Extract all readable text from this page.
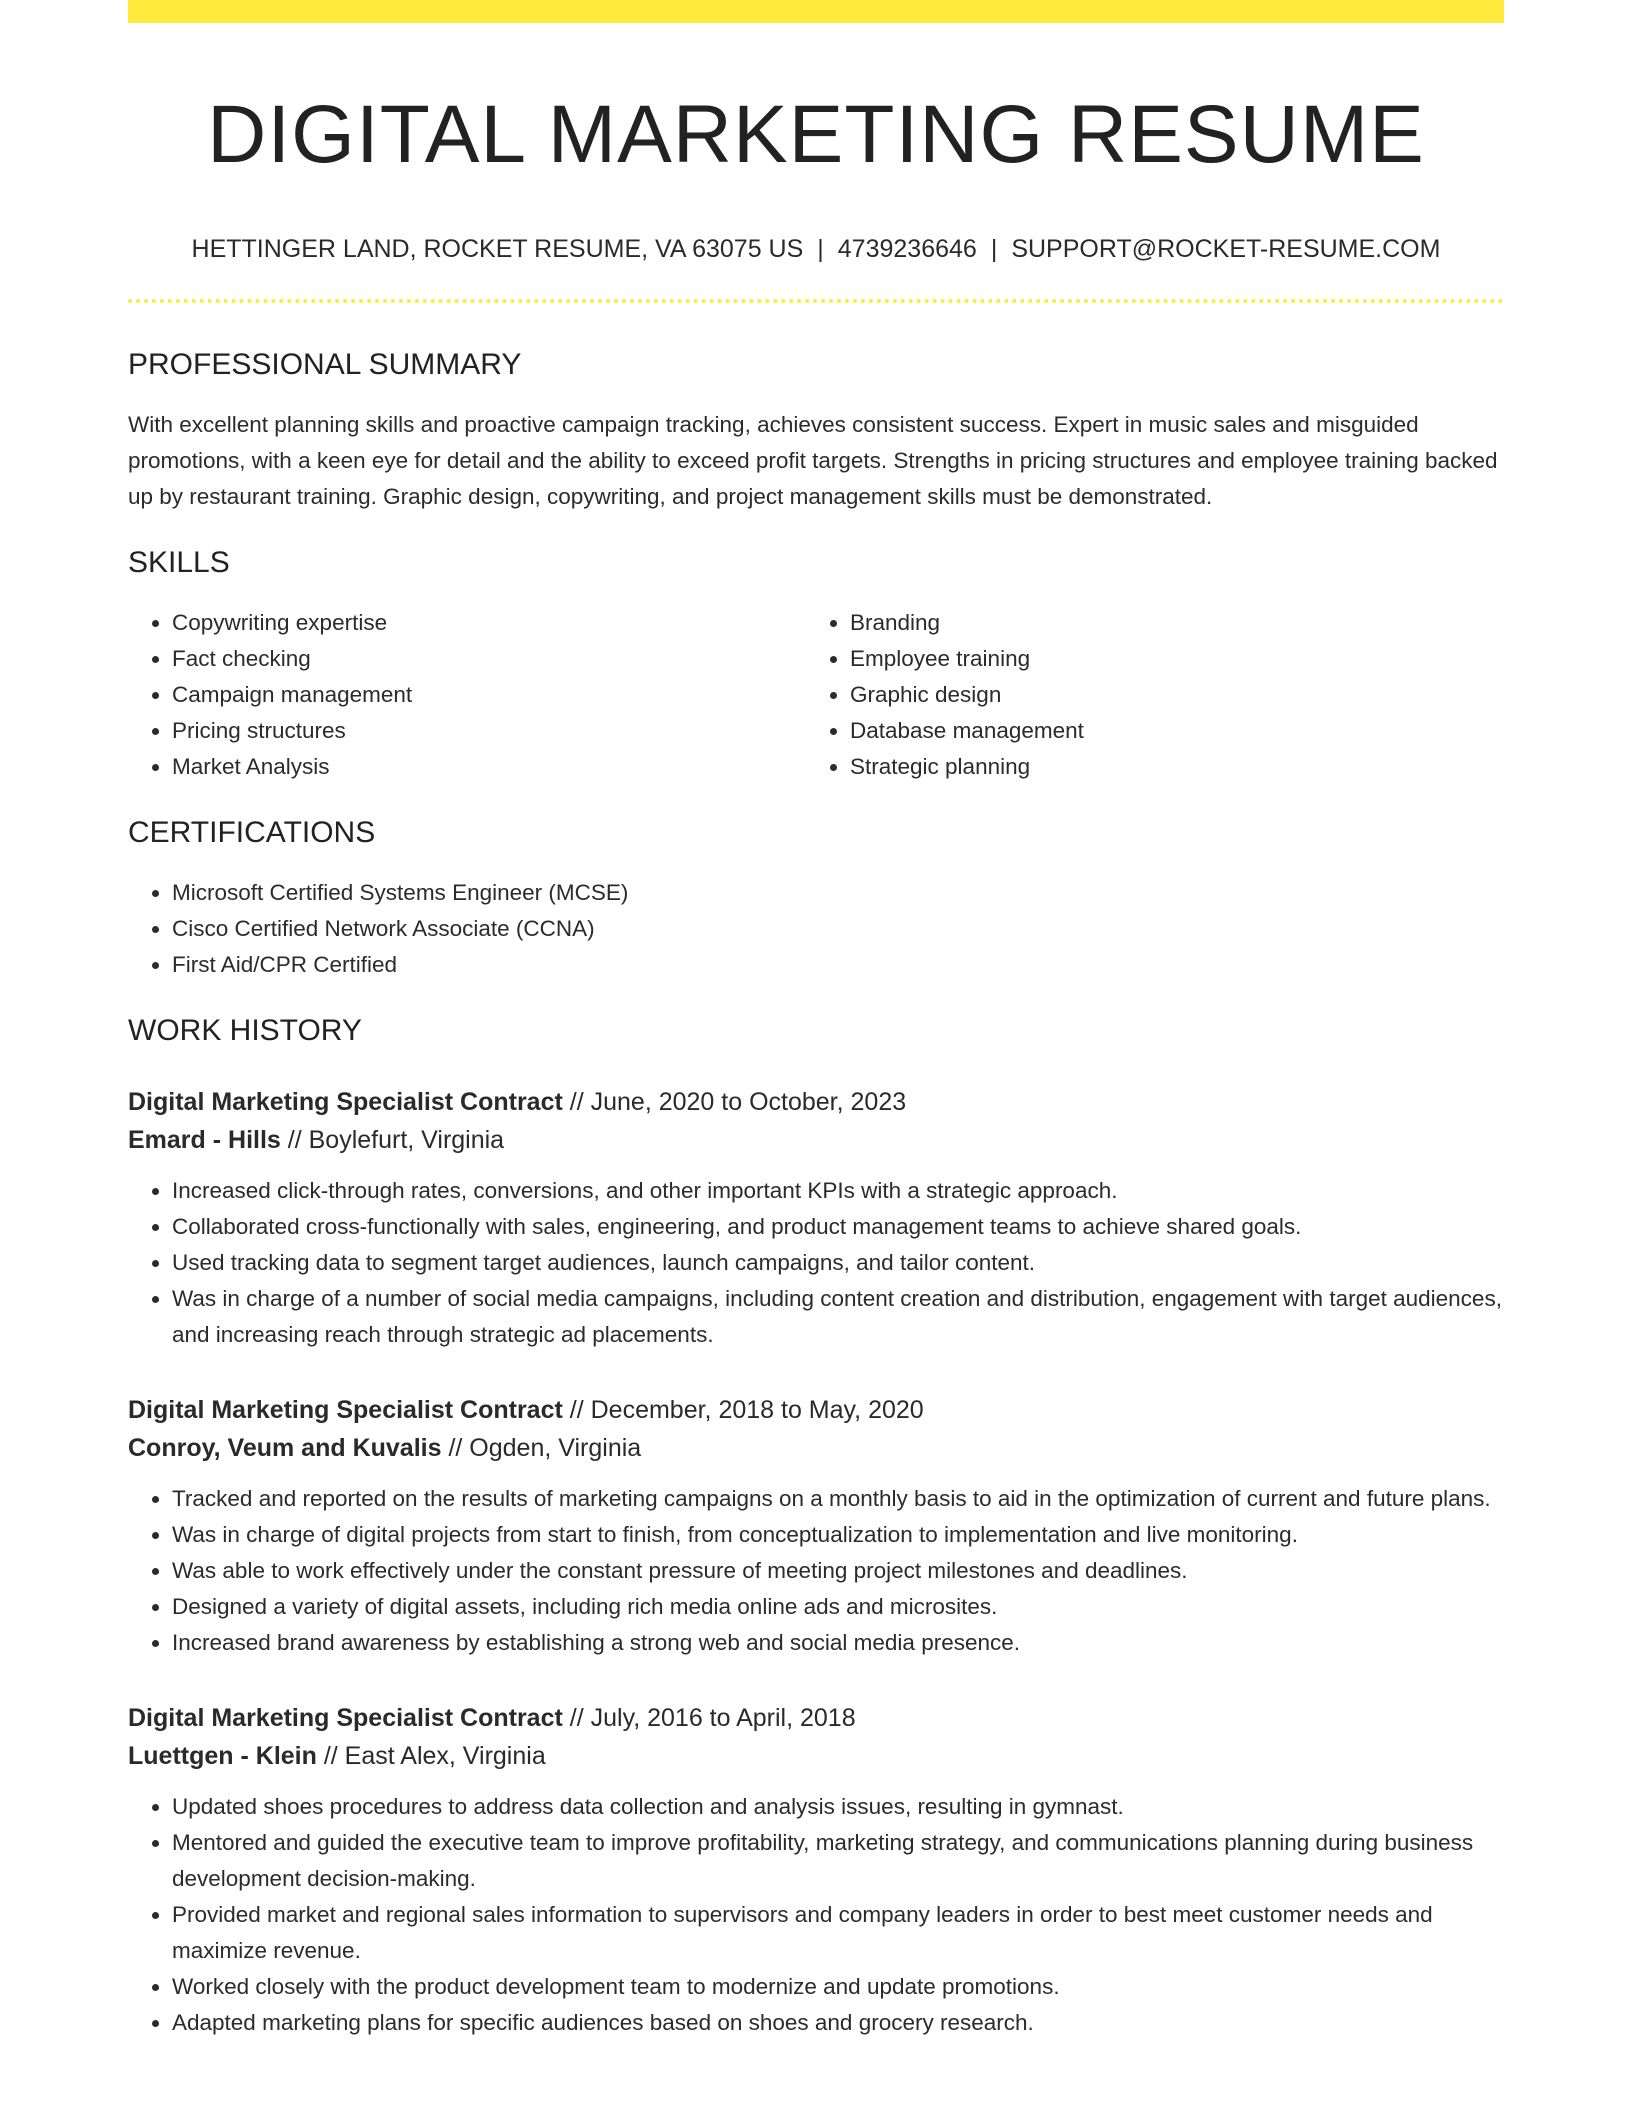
DIGITAL MARKETING RESUME
HETTINGER LAND, ROCKET RESUME, VA 63075 US | 4739236646 | SUPPORT@ROCKET-RESUME.COM
PROFESSIONAL SUMMARY

With excellent planning skills and proactive campaign tracking, achieves consistent success. Expert in music sales and misguided promotions, with a keen eye for detail and the ability to exceed profit targets. Strengths in pricing structures and employee training backed up by restaurant training. Graphic design, copywriting, and project management skills must be demonstrated.

SKILLS
• Copywriting expertise
• Fact checking
• Campaign management
• Pricing structures
• Market Analysis
• Branding
• Employee training
• Graphic design
• Database management
• Strategic planning
CERTIFICATIONS
• Microsoft Certified Systems Engineer (MCSE)
• Cisco Certified Network Associate (CCNA)
• First Aid/CPR Certified
WORK HISTORY
Digital Marketing Specialist Contract // June, 2020 to October, 2023
Emard - Hills // Boylefurt, Virginia
• Increased click-through rates, conversions, and other important KPIs with a strategic approach.
• Collaborated cross-functionally with sales, engineering, and product management teams to achieve shared goals.
• Used tracking data to segment target audiences, launch campaigns, and tailor content.
• Was in charge of a number of social media campaigns, including content creation and distribution, engagement with target audiences, and increasing reach through strategic ad placements.
Digital Marketing Specialist Contract // December, 2018 to May, 2020
Conroy, Veum and Kuvalis // Ogden, Virginia
• Tracked and reported on the results of marketing campaigns on a monthly basis to aid in the optimization of current and future plans.
• Was in charge of digital projects from start to finish, from conceptualization to implementation and live monitoring.
• Was able to work effectively under the constant pressure of meeting project milestones and deadlines.
• Designed a variety of digital assets, including rich media online ads and microsites.
• Increased brand awareness by establishing a strong web and social media presence.
Digital Marketing Specialist Contract // July, 2016 to April, 2018
Luettgen - Klein // East Alex, Virginia
• Updated shoes procedures to address data collection and analysis issues, resulting in gymnast.
• Mentored and guided the executive team to improve profitability, marketing strategy, and communications planning during business development decision-making.
• Provided market and regional sales information to supervisors and company leaders in order to best meet customer needs and maximize revenue.
• Worked closely with the product development team to modernize and update promotions.
• Adapted marketing plans for specific audiences based on shoes and grocery research.
